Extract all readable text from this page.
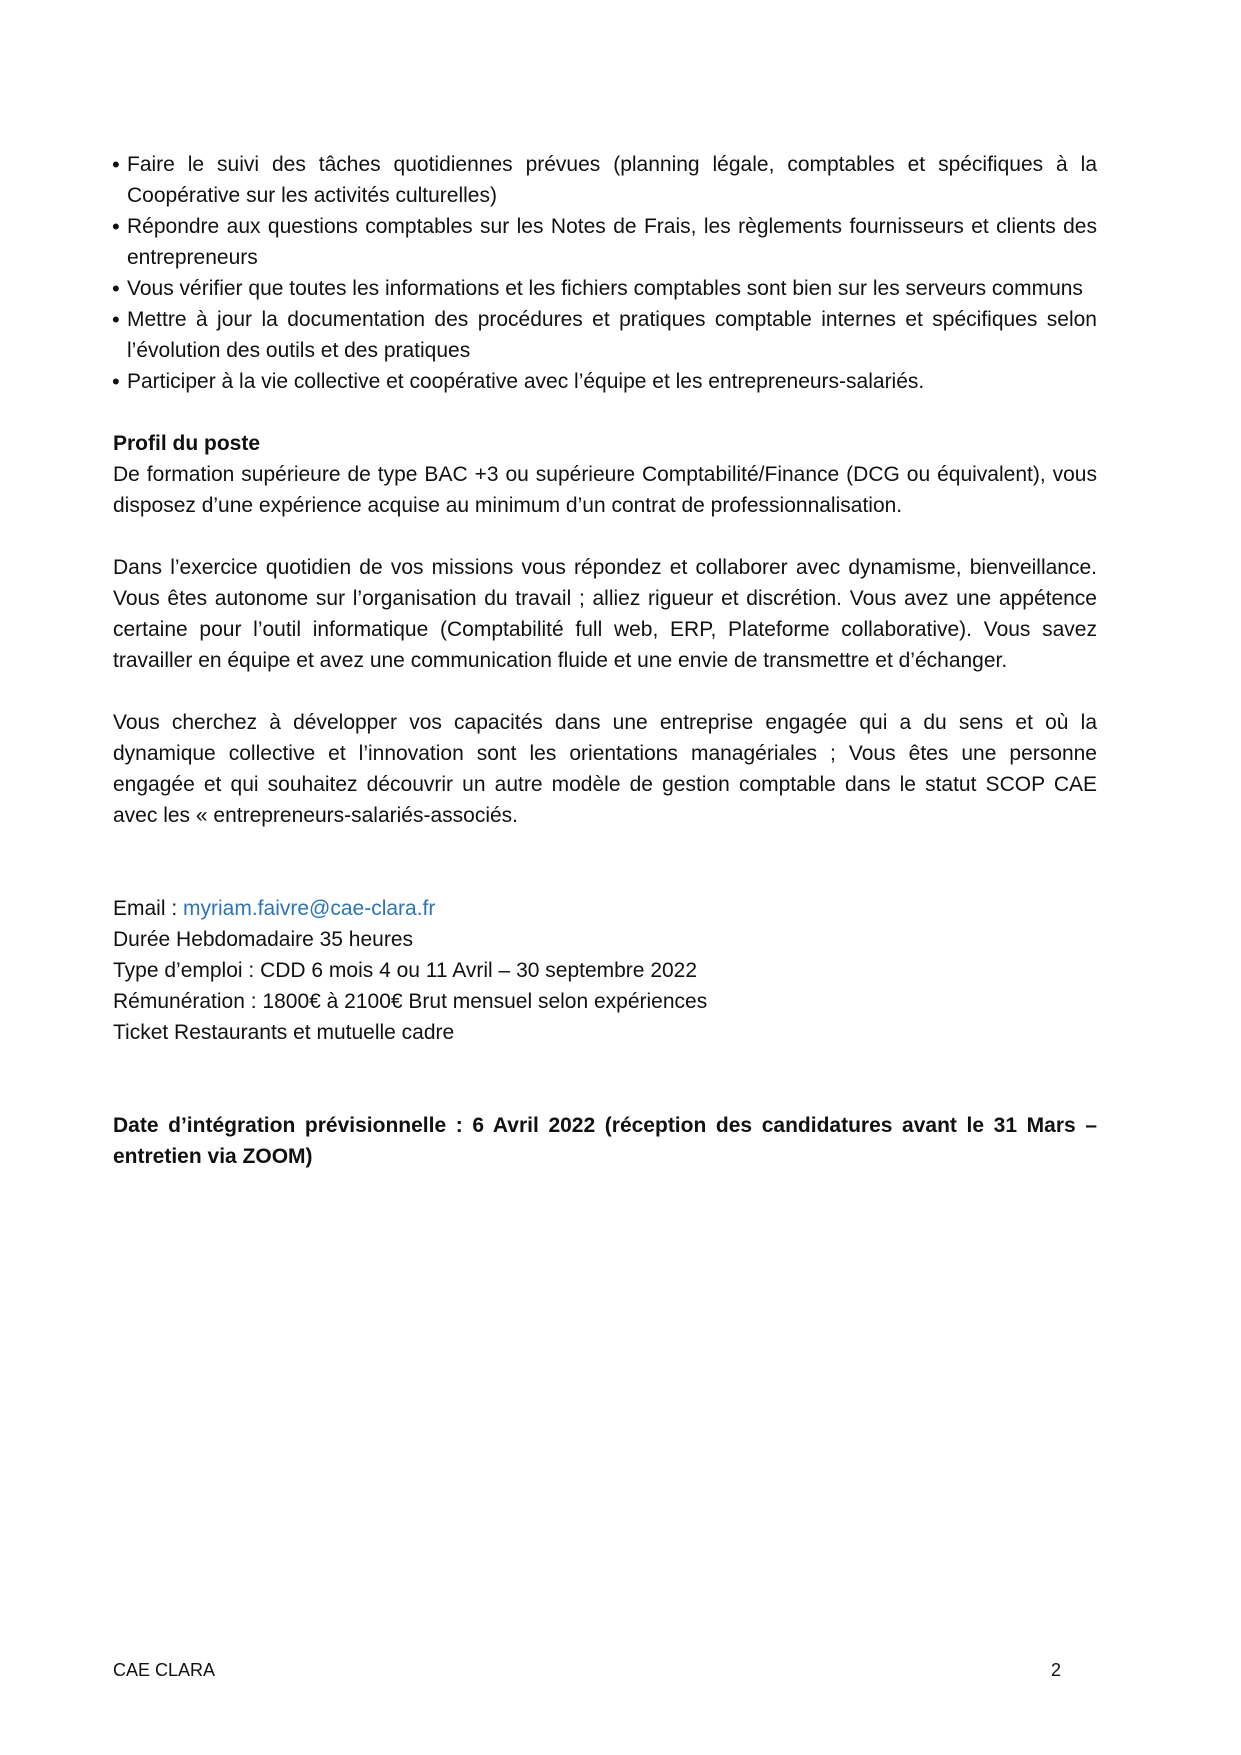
• Faire le suivi des tâches quotidiennes prévues (planning légale, comptables et spécifiques à la Coopérative sur les activités culturelles)
• Répondre aux questions comptables sur les Notes de Frais, les règlements fournisseurs et clients des entrepreneurs
• Vous vérifier que toutes les informations et les fichiers comptables sont bien sur les serveurs communs
• Mettre à jour la documentation des procédures et pratiques comptable internes et spécifiques selon l’évolution des outils et des pratiques
• Participer à la vie collective et coopérative avec l’équipe et les entrepreneurs-salariés.
Profil du poste

De formation supérieure de type BAC +3 ou supérieure Comptabilité/Finance (DCG ou équivalent), vous disposez d’une expérience acquise au minimum d’un contrat de professionnalisation.

Dans l’exercice quotidien de vos missions vous répondez et collaborer avec dynamisme, bienveillance. Vous êtes autonome sur l’organisation du travail ; alliez rigueur et discrétion. Vous avez une appétence certaine pour l’outil informatique (Comptabilité full web, ERP, Plateforme collaborative). Vous savez travailler en équipe et avez une communication fluide et une envie de transmettre et d’échanger.

Vous cherchez à développer vos capacités dans une entreprise engagée qui a du sens et où la dynamique collective et l’innovation sont les orientations managériales ; Vous êtes une personne engagée et qui souhaitez découvrir un autre modèle de gestion comptable dans le statut SCOP CAE avec les « entrepreneurs-salariés-associés.

Email : myriam.faivre@cae-clara.fr

Durée Hebdomadaire 35 heures

Type d’emploi : CDD 6 mois 4 ou 11 Avril – 30 septembre 2022

Rémunération : 1800€ à 2100€ Brut mensuel selon expériences

Ticket Restaurants et mutuelle cadre

Date d’intégration prévisionnelle : 6 Avril 2022 (réception des candidatures avant le 31 Mars – entretien via ZOOM)

CAE CLARA	2
